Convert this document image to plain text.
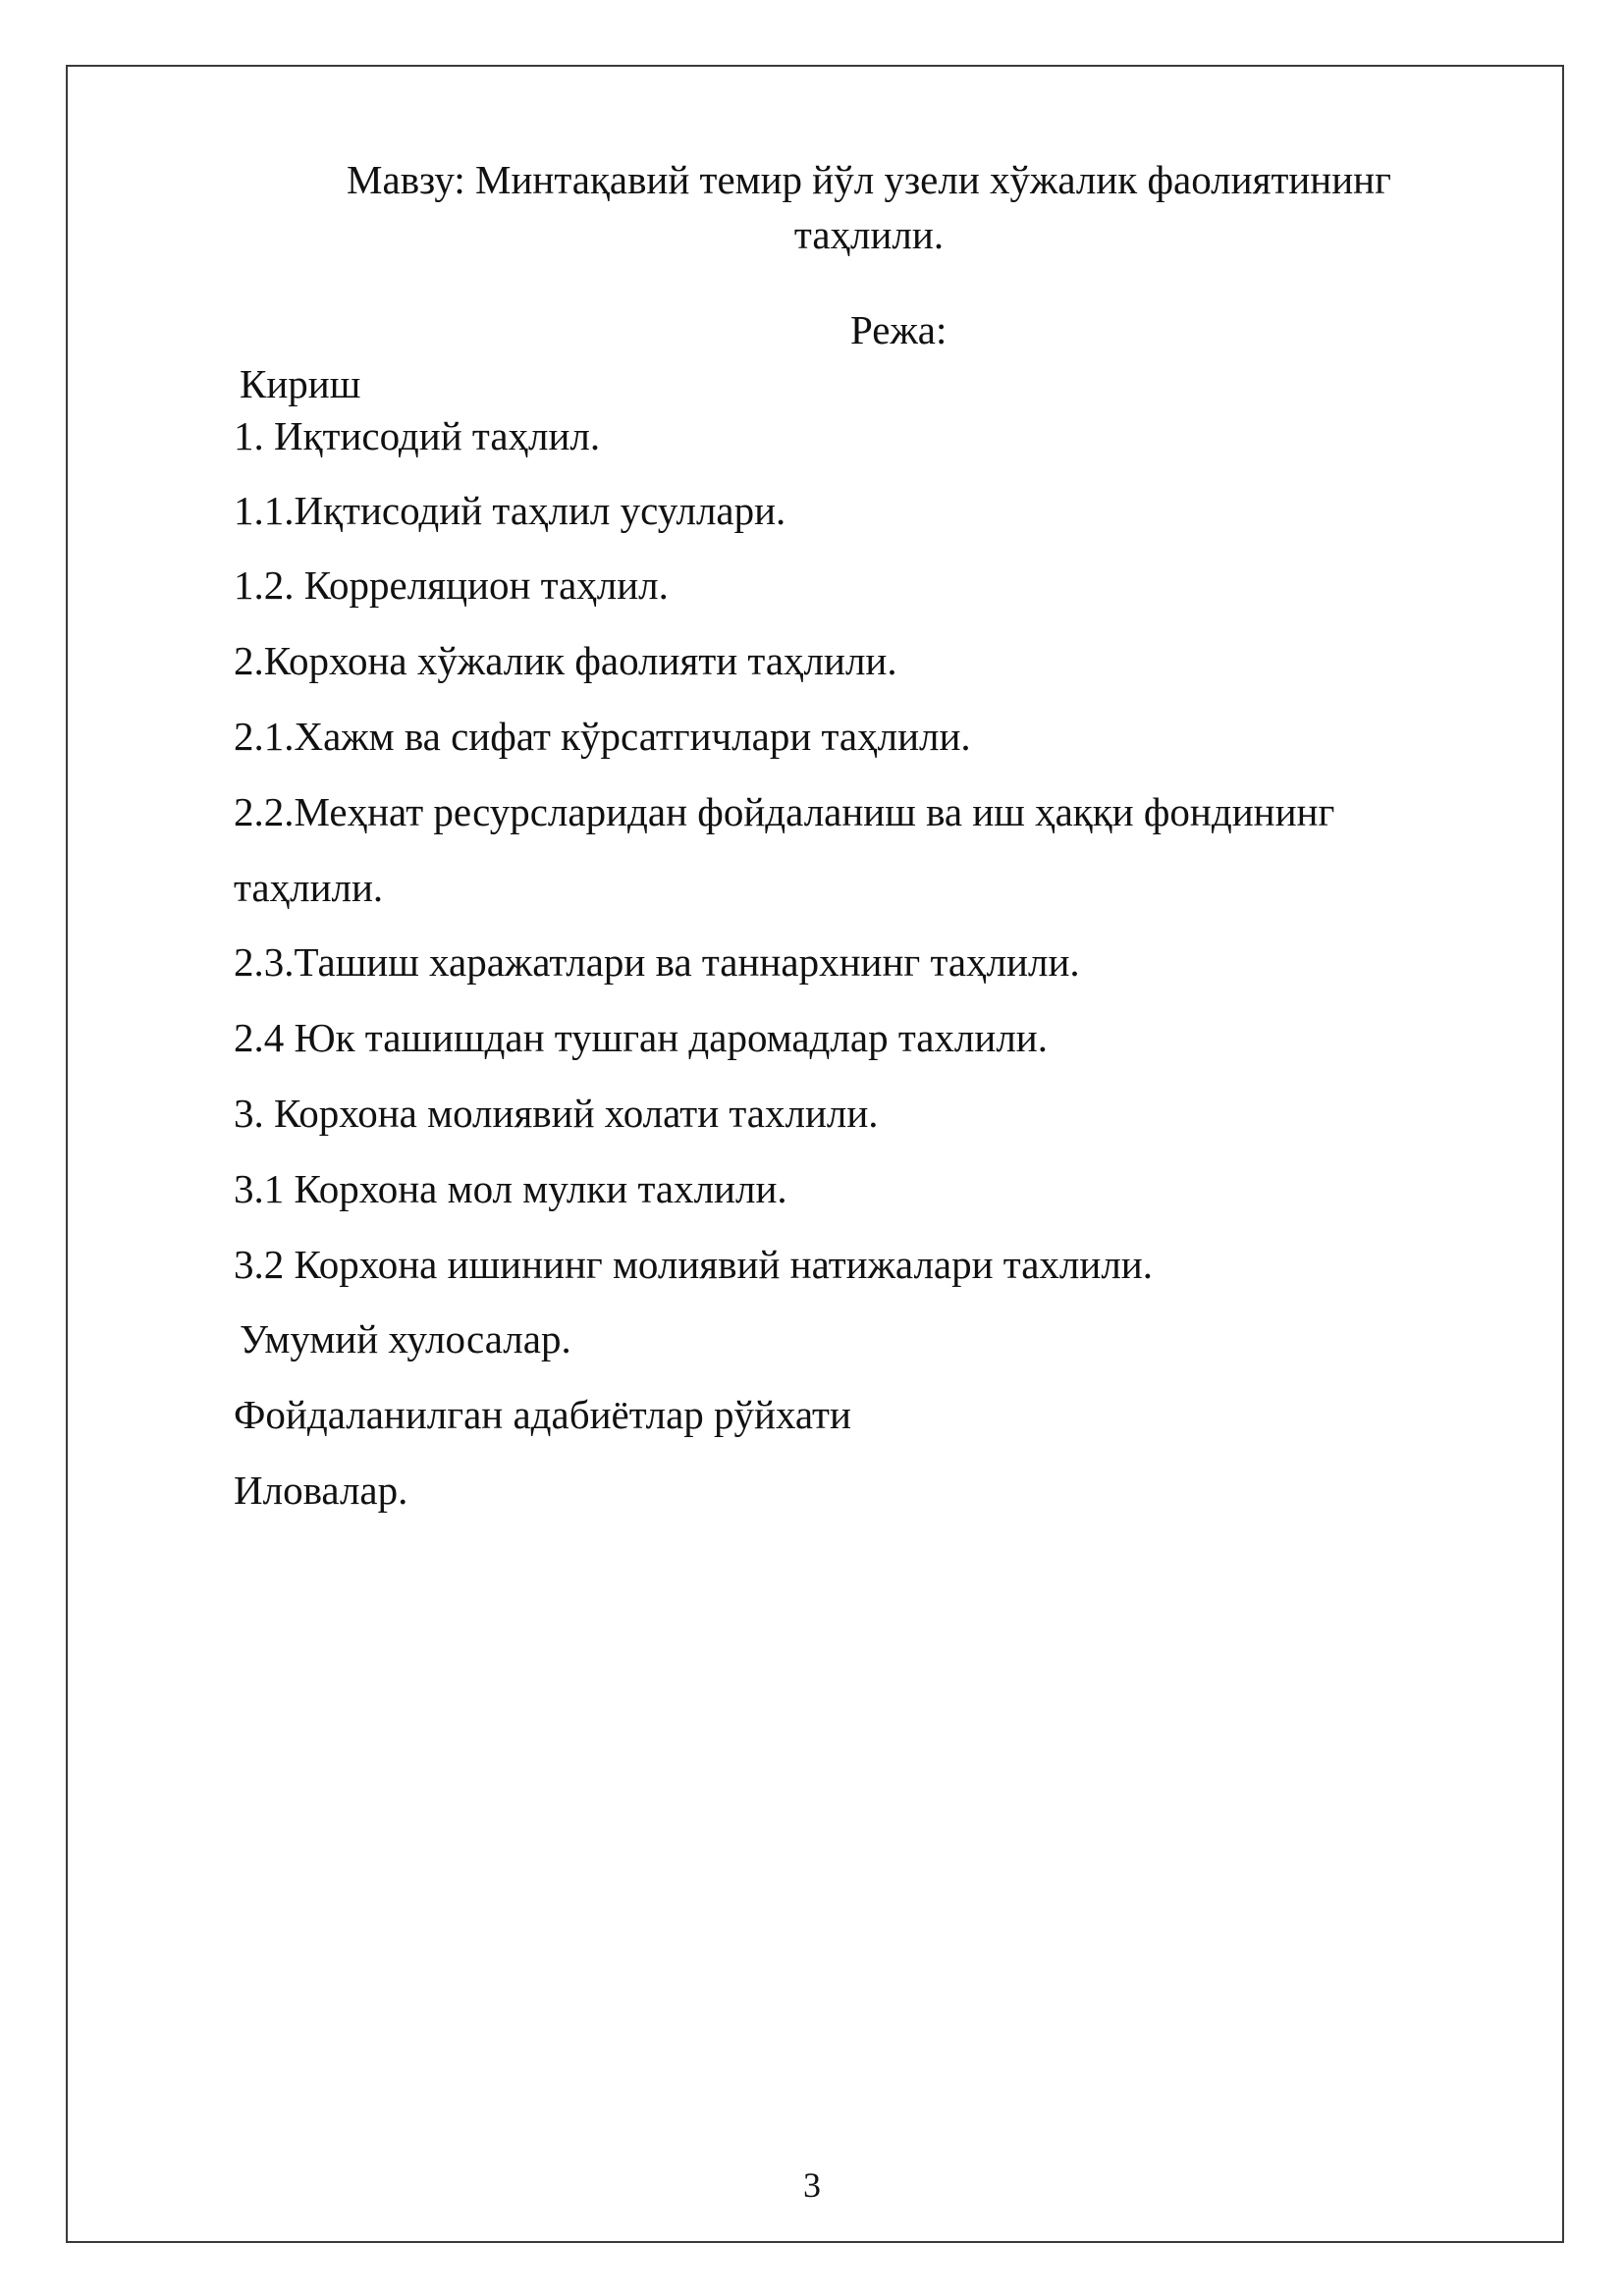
Мавзу: Минтақавий темир йўл узели хўжалик фаолиятининг таҳлили.
Режа:
Кириш
1. Иқтисодий таҳлил.
1.1.Иқтисодий таҳлил усуллари.
1.2. Корреляцион таҳлил.
2.Корхона хўжалик фаолияти таҳлили.
2.1.Хажм ва сифат кўрсатгичлари таҳлили.
2.2.Меҳнат ресурсларидан фойдаланиш ва иш ҳаққи фондининг
таҳлили.
2.3.Ташиш харажатлари ва таннархнинг таҳлили.
2.4 Юк ташишдан тушган даромадлар тахлили.
3. Корхона молиявий холати тахлили.
3.1 Корхона мол мулки тахлили.
3.2 Корхона ишининг молиявий натижалари тахлили.
Умумий хулосалар.
Фойдаланилган адабиётлар рўйхати
Иловалар.
3
